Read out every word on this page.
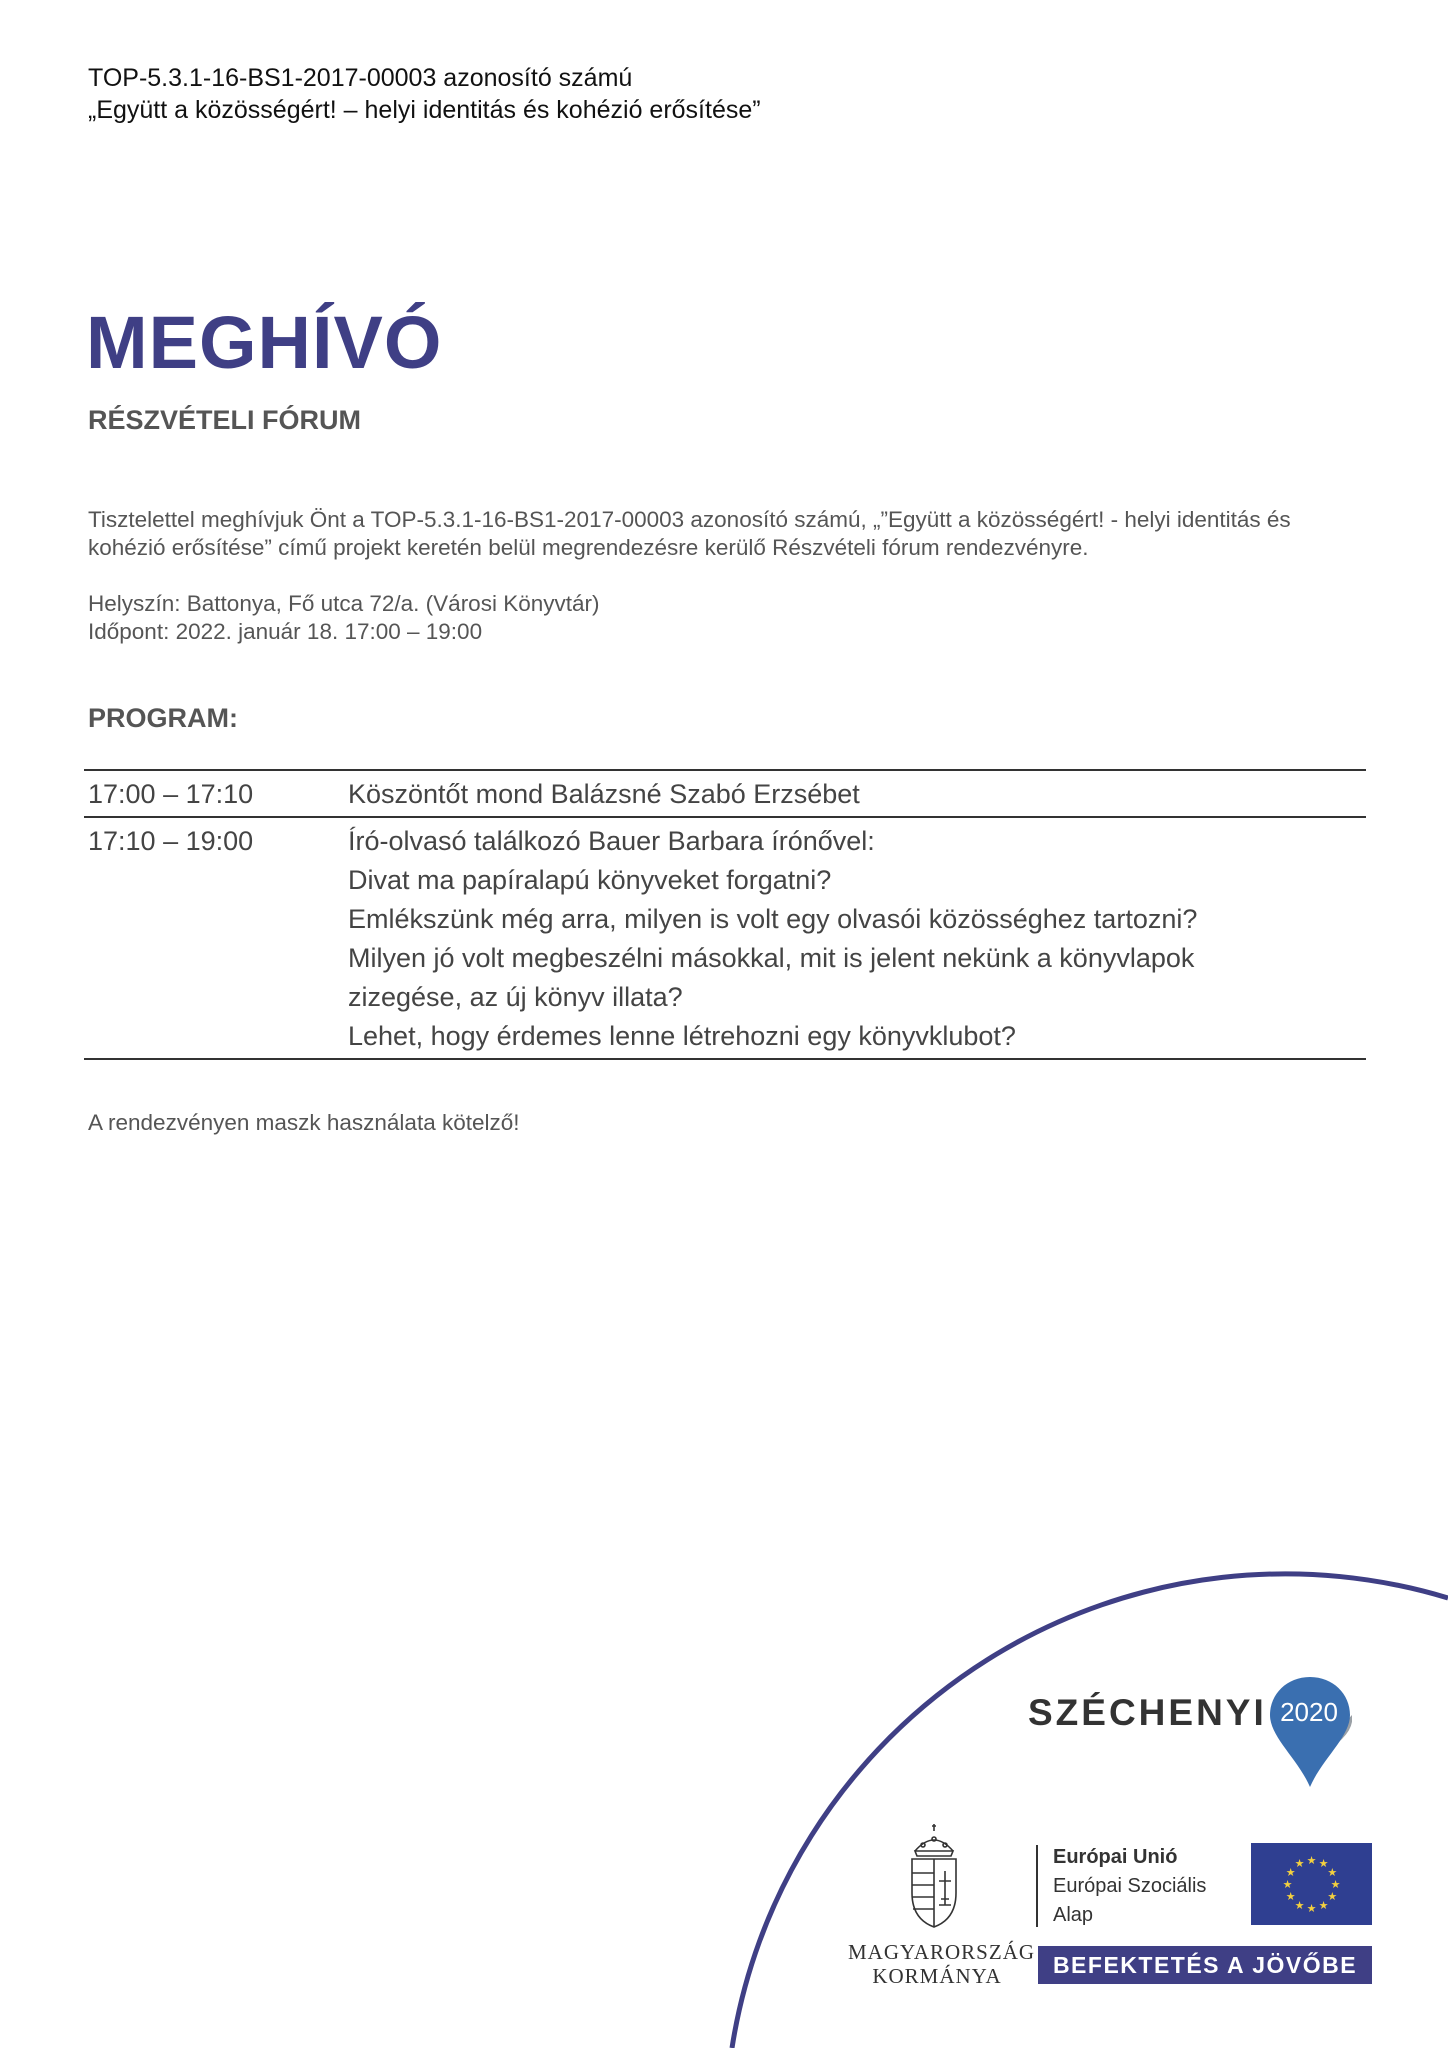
TOP-5.3.1-16-BS1-2017-00003 azonosító számú
„Együtt a közösségért! – helyi identitás és kohézió erősítése”
MEGHÍVÓ
RÉSZVÉTELI FÓRUM
Tisztelettel meghívjuk Önt a TOP-5.3.1-16-BS1-2017-00003 azonosító számú, „”Együtt a közösségért! - helyi identitás és kohézió erősítése” című projekt keretén belül megrendezésre kerülő Részvételi fórum rendezvényre.
Helyszín: Battonya, Fő utca 72/a. (Városi Könyvtár)
Időpont: 2022. január 18. 17:00 – 19:00
PROGRAM:
17:00 – 17:10	Köszöntőt mond Balázsné Szabó Erzsébet
17:10 – 19:00	Író-olvasó találkozó Bauer Barbara írónővel:
Divat ma papíralapú könyveket forgatni?
Emlékszünk még arra, milyen is volt egy olvasói közösséghez tartozni?
Milyen jó volt megbeszélni másokkal, mit is jelent nekünk a könyvlapok
zizegése, az új könyv illata?
Lehet, hogy érdemes lenne létrehozni egy könyvklubot?
A rendezvényen maszk használata kötelző!
SZÉCHENYI 2020
MAGYARORSZÁG
KORMÁNYA
Európai Unió
Európai Szociális
Alap
★ ★
★
★
★
★
★
★
★
★
★
★
BEFEKTETÉS A JÖVŐBE
